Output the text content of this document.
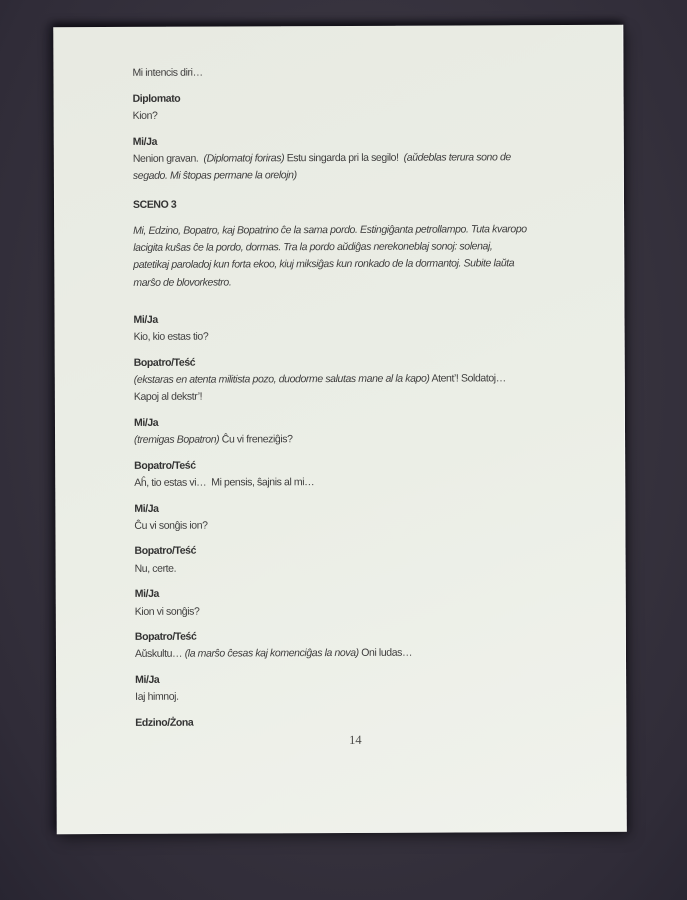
Mi intencis diri…
Diplomato
Kion?
Mi/Ja
Nenion gravan.  (Diplomatoj foriras) Estu singarda pri la segilo!  (aŭdeblas terura sono de
segado. Mi ŝtopas permane la orelojn)
SCENO 3
Mi, Edzino, Bopatro, kaj Bopatrino ĉe la sama pordo. Estingiĝanta petrollampo. Tuta kvaropo
lacigita kuŝas ĉe la pordo, dormas. Tra la pordo aŭdiĝas nerekoneblaj sonoj: solenaj,
patetikaj paroladoj kun forta ekoo, kiuj miksiĝas kun ronkado de la dormantoj. Subite laŭta
marŝo de blovorkestro.
Mi/Ja
Kio, kio estas tio?
Bopatro/Teść
(ekstaras en atenta militista pozo, duodorme salutas mane al la kapo) Atent’! Soldatoj…
Kapoj al dekstr’!
Mi/Ja
(tremigas Bopatron) Ĉu vi freneziĝis?
Bopatro/Teść
Aĥ, tio estas vi…  Mi pensis, ŝajnis al mi…
Mi/Ja
Ĉu vi sonĝis ion?
Bopatro/Teść
Nu, certe.
Mi/Ja
Kion vi sonĝis?
Bopatro/Teść
Aŭskultu… (la marŝo ĉesas kaj komenciĝas la nova) Oni ludas…
Mi/Ja
Iaj himnoj.
Edzino/Żona
14
